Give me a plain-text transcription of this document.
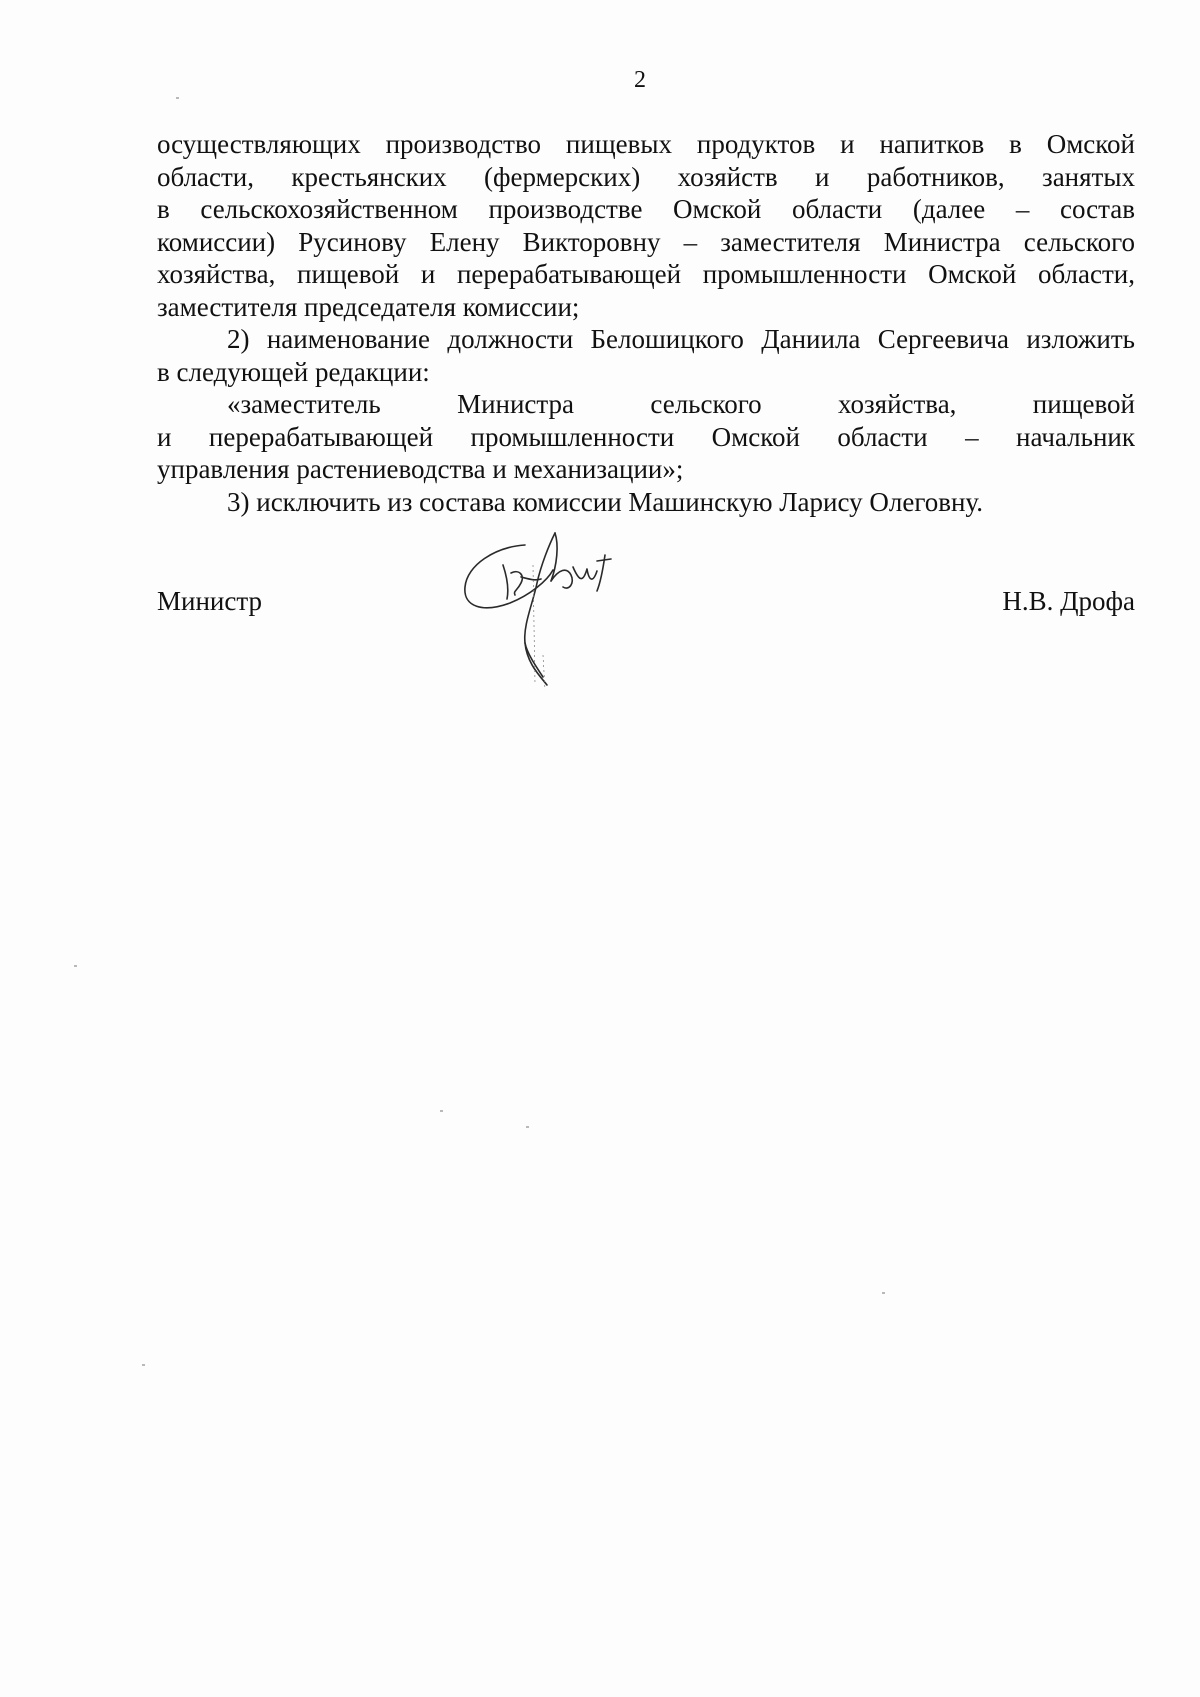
2
осуществляющих производство пищевых продуктов и напитков в Омской
области, крестьянских (фермерских) хозяйств и работников, занятых
в сельскохозяйственном производстве Омской области (далее – состав
комиссии) Русинову Елену Викторовну – заместителя Министра сельского
хозяйства, пищевой и перерабатывающей промышленности Омской области,
заместителя председателя комиссии;
2) наименование должности Белошицкого Даниила Сергеевича изложить
в следующей редакции:
«заместитель Министра сельского хозяйства, пищевой
и перерабатывающей промышленности Омской области – начальник
управления растениеводства и механизации»;
3) исключить из состава комиссии Машинскую Ларису Олеговну.
Министр	Н.В. Дрофа
